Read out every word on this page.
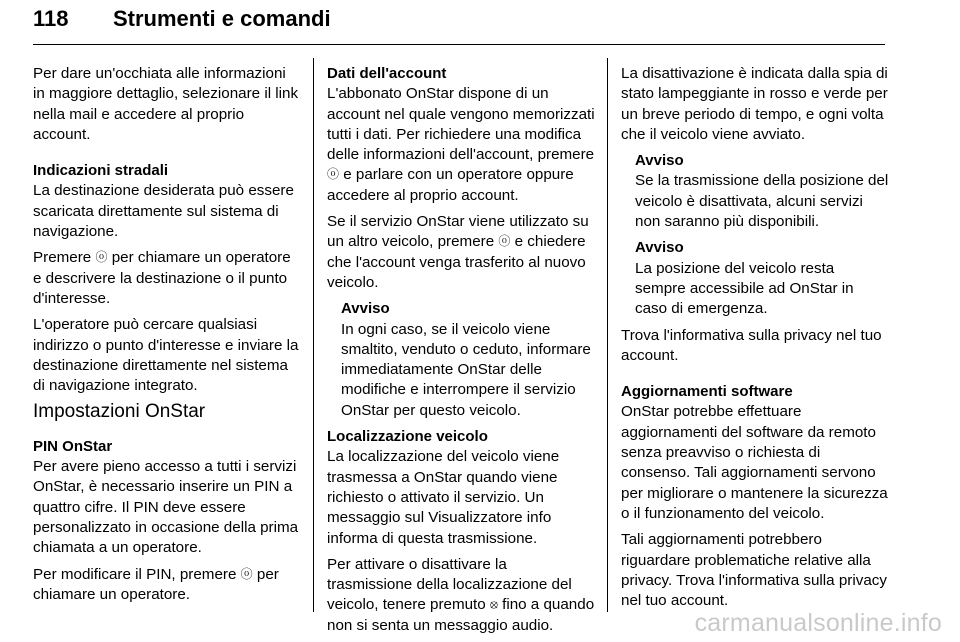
118 Strumenti e comandi

Per dare un'occhiata alle informazioni in maggiore dettaglio, selezionare il link nella mail e accedere al proprio account.

Indicazioni stradali

La destinazione desiderata può essere scaricata direttamente sul sistema di navigazione.

Premere ⓞ per chiamare un operatore e descrivere la destinazione o il punto d'interesse.

L'operatore può cercare qualsiasi indirizzo o punto d'interesse e inviare la destinazione direttamente nel sistema di navigazione integrato.

Impostazioni OnStar

PIN OnStar

Per avere pieno accesso a tutti i servizi OnStar, è necessario inserire un PIN a quattro cifre. Il PIN deve essere personalizzato in occasione della prima chiamata a un operatore.

Per modificare il PIN, premere ⓞ per chiamare un operatore.

Dati dell'account

L'abbonato OnStar dispone di un account nel quale vengono memorizzati tutti i dati. Per richiedere una modifica delle informazioni dell'account, premere ⓞ e parlare con un operatore oppure accedere al proprio account.

Se il servizio OnStar viene utilizzato su un altro veicolo, premere ⓞ e chiedere che l'account venga trasferito al nuovo veicolo.

Avviso
In ogni caso, se il veicolo viene smaltito, venduto o ceduto, informare immediatamente OnStar delle modifiche e interrompere il servizio OnStar per questo veicolo.

Localizzazione veicolo

La localizzazione del veicolo viene trasmessa a OnStar quando viene richiesto o attivato il servizio. Un messaggio sul Visualizzatore info informa di questa trasmissione.

Per attivare o disattivare la trasmissione della localizzazione del veicolo, tenere premuto ⦻ fino a quando non si senta un messaggio audio.

La disattivazione è indicata dalla spia di stato lampeggiante in rosso e verde per un breve periodo di tempo, e ogni volta che il veicolo viene avviato.

Avviso
Se la trasmissione della posizione del veicolo è disattivata, alcuni servizi non saranno più disponibili.
Avviso
La posizione del veicolo resta sempre accessibile ad OnStar in caso di emergenza.

Trova l'informativa sulla privacy nel tuo account.

Aggiornamenti software

OnStar potrebbe effettuare aggiornamenti del software da remoto senza preavviso o richiesta di consenso. Tali aggiornamenti servono per migliorare o mantenere la sicurezza o il funzionamento del veicolo.

Tali aggiornamenti potrebbero riguardare problematiche relative alla privacy. Trova l'informativa sulla privacy nel tuo account.

carmanualsonline.info
